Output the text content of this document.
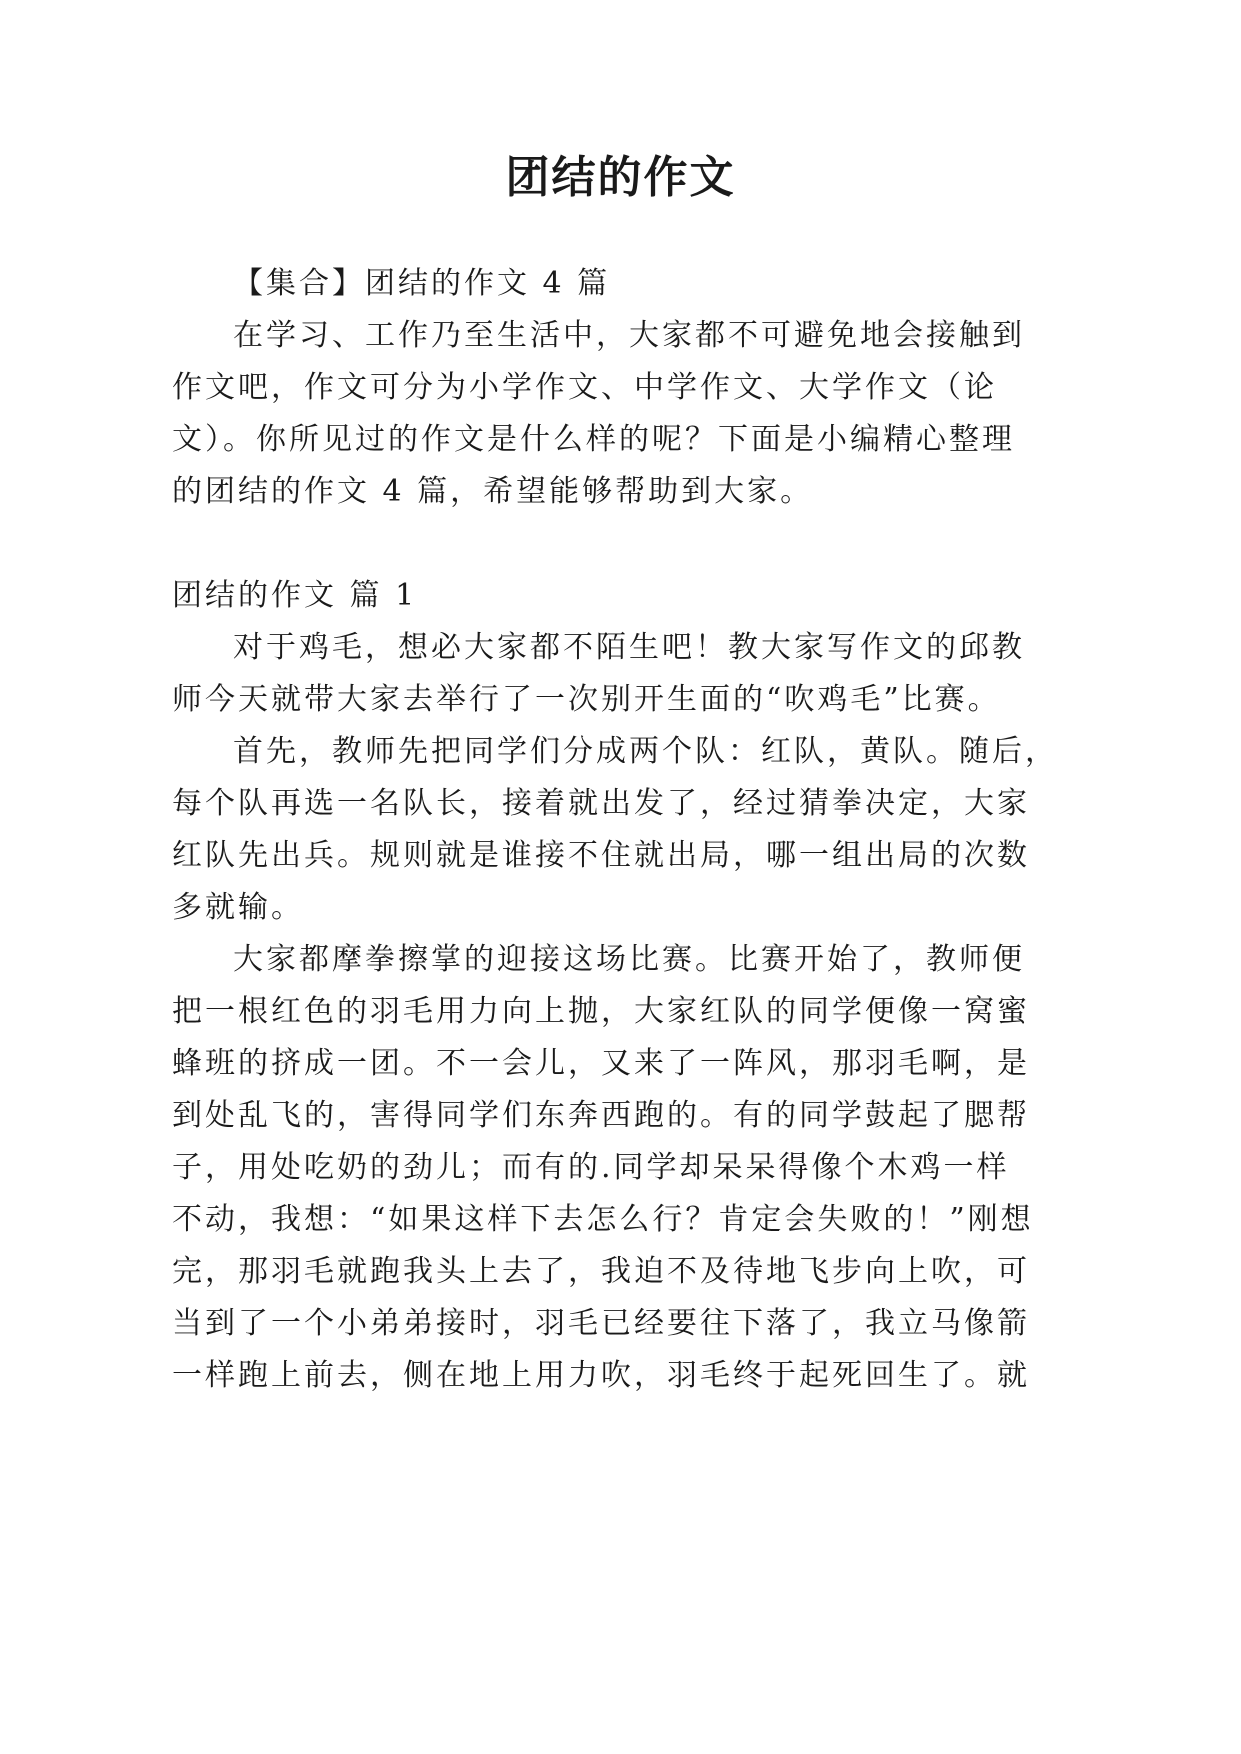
团结的作文

【集合】团结的作文 4 篇

在学习、工作乃至生活中，大家都不可避免地会接触到

作文吧，作文可分为小学作文、中学作文、大学作文（论

文）。你所见过的作文是什么样的呢？下面是小编精心整理

的团结的作文 4 篇，希望能够帮助到大家。

团结的作文 篇 1

对于鸡毛，想必大家都不陌生吧！教大家写作文的邱教

师今天就带大家去举行了一次别开生面的“吹鸡毛”比赛。

首先，教师先把同学们分成两个队：红队，黄队。随后，

每个队再选一名队长，接着就出发了，经过猜拳决定，大家

红队先出兵。规则就是谁接不住就出局，哪一组出局的次数

多就输。

大家都摩拳擦掌的迎接这场比赛。比赛开始了，教师便

把一根红色的羽毛用力向上抛，大家红队的同学便像一窝蜜

蜂班的挤成一团。不一会儿，又来了一阵风，那羽毛啊，是

到处乱飞的，害得同学们东奔西跑的。有的同学鼓起了腮帮

子，用处吃奶的劲儿；而有的.同学却呆呆得像个木鸡一样

不动，我想：“如果这样下去怎么行？肯定会失败的！”刚想

完，那羽毛就跑我头上去了，我迫不及待地飞步向上吹，可

当到了一个小弟弟接时，羽毛已经要往下落了，我立马像箭

一样跑上前去，侧在地上用力吹，羽毛终于起死回生了。就
